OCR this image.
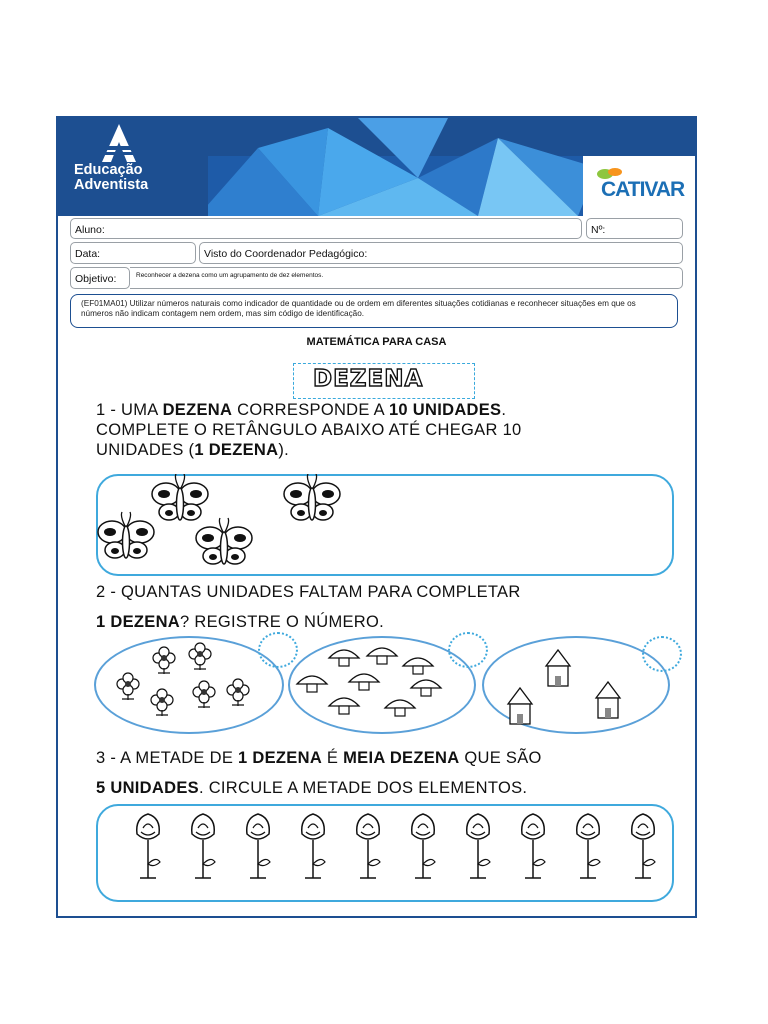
Educação
Adventista	CATIVAR
Aluno:	Nº:
Data:	Visto do Coordenador Pedagógico:
Objetivo:	Reconhecer a dezena como um agrupamento de dez elementos.
(EF01MA01) Utilizar números naturais como indicador de quantidade ou de ordem em diferentes situações cotidianas e reconhecer situações em que os números não indicam contagem nem ordem, mas sim código de identificação.
MATEMÁTICA PARA CASA
DEZENA
1 - UMA DEZENA CORRESPONDE A 10 UNIDADES.
COMPLETE O RETÂNGULO ABAIXO ATÉ CHEGAR 10
UNIDADES (1 DEZENA).
2 - QUANTAS UNIDADES FALTAM PARA COMPLETAR
1 DEZENA? REGISTRE O NÚMERO.
3 - A METADE DE 1 DEZENA É MEIA DEZENA QUE SÃO
5 UNIDADES. CIRCULE A METADE DOS ELEMENTOS.
